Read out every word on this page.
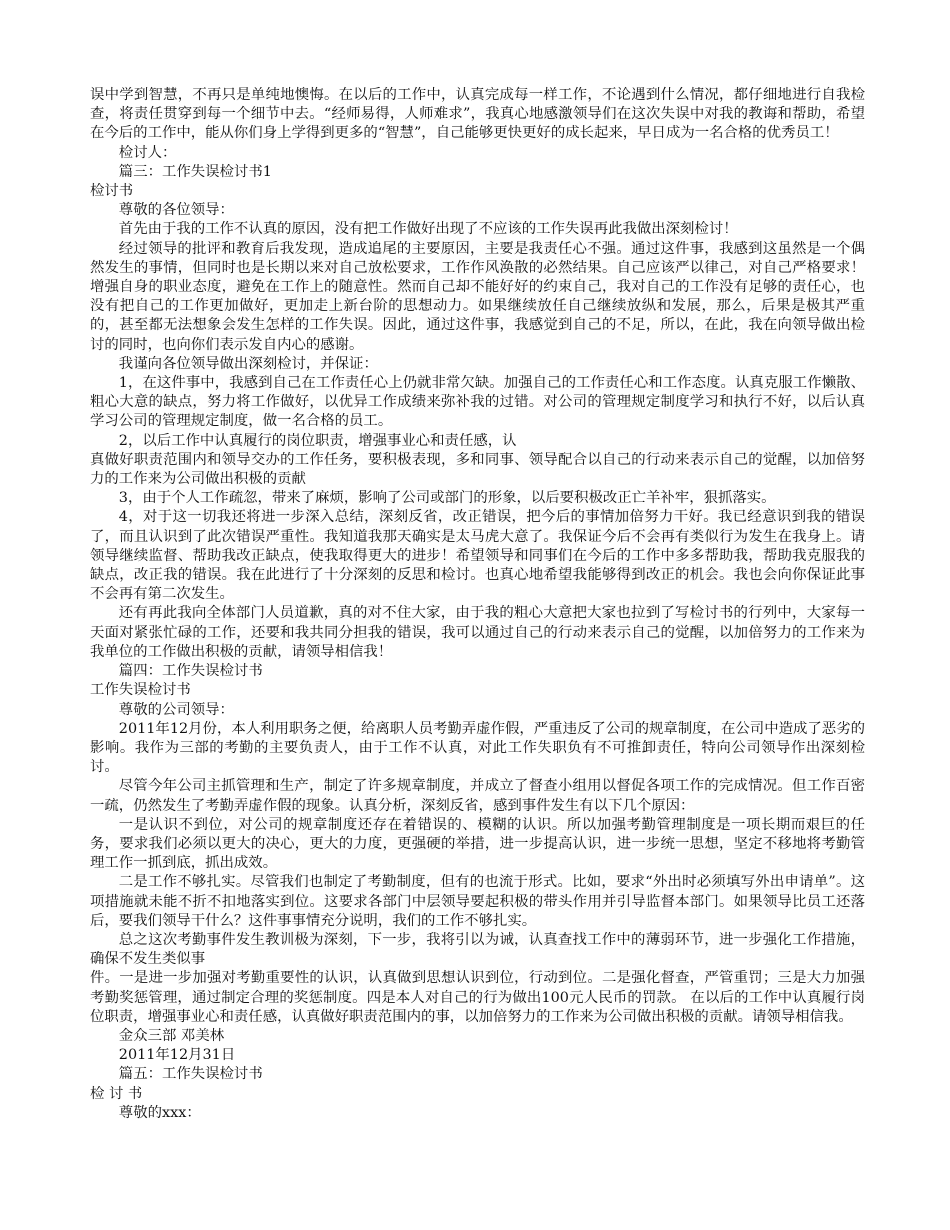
误中学到智慧，不再只是单纯地懊悔。在以后的工作中，认真完成每一样工作，不论遇到什么情况，都仔细地进行自我检查，将责任贯穿到每一个细节中去。“经师易得，人师难求”，我真心地感激领导们在这次失误中对我的教诲和帮助，希望在今后的工作中，能从你们身上学得到更多的“智慧”，自己能够更快更好的成长起来，早日成为一名合格的优秀员工！

检讨人：

篇三：工作失误检讨书1

检讨书

尊敬的各位领导：

首先由于我的工作不认真的原因，没有把工作做好出现了不应该的工作失误再此我做出深刻检讨！

经过领导的批评和教育后我发现，造成追尾的主要原因，主要是我责任心不强。通过这件事，我感到这虽然是一个偶然发生的事情，但同时也是长期以来对自己放松要求，工作作风涣散的必然结果。自己应该严以律己，对自己严格要求！增强自身的职业态度，避免在工作上的随意性。然而自己却不能好好的约束自己，我对自己的工作没有足够的责任心，也没有把自己的工作更加做好，更加走上新台阶的思想动力。如果继续放任自己继续放纵和发展，那么，后果是极其严重的，甚至都无法想象会发生怎样的工作失误。因此，通过这件事，我感觉到自己的不足，所以，在此，我在向领导做出检讨的同时，也向你们表示发自内心的感谢。

我谨向各位领导做出深刻检讨，并保证：

1，在这件事中，我感到自己在工作责任心上仍就非常欠缺。加强自己的工作责任心和工作态度。认真克服工作懒散、粗心大意的缺点，努力将工作做好，以优异工作成绩来弥补我的过错。对公司的管理规定制度学习和执行不好，以后认真学习公司的管理规定制度，做一名合格的员工。

2，以后工作中认真履行的岗位职责，增强事业心和责任感，认

真做好职责范围内和领导交办的工作任务，要积极表现，多和同事、领导配合以自己的行动来表示自己的觉醒，以加倍努力的工作来为公司做出积极的贡献

3，由于个人工作疏忽，带来了麻烦，影响了公司或部门的形象，以后要积极改正亡羊补牢，狠抓落实。

4，对于这一切我还将进一步深入总结，深刻反省，改正错误，把今后的事情加倍努力干好。我已经意识到我的错误了，而且认识到了此次错误严重性。我知道我那天确实是太马虎大意了。我保证今后不会再有类似行为发生在我身上。请领导继续监督、帮助我改正缺点，使我取得更大的进步！希望领导和同事们在今后的工作中多多帮助我，帮助我克服我的缺点，改正我的错误。我在此进行了十分深刻的反思和检讨。也真心地希望我能够得到改正的机会。我也会向你保证此事不会再有第二次发生。

还有再此我向全体部门人员道歉，真的对不住大家，由于我的粗心大意把大家也拉到了写检讨书的行列中，大家每一天面对紧张忙碌的工作，还要和我共同分担我的错误，我可以通过自己的行动来表示自己的觉醒，以加倍努力的工作来为我单位的工作做出积极的贡献，请领导相信我！

篇四：工作失误检讨书

工作失误检讨书

尊敬的公司领导：

2011年12月份，本人利用职务之便，给离职人员考勤弄虚作假，严重违反了公司的规章制度，在公司中造成了恶劣的影响。我作为三部的考勤的主要负责人，由于工作不认真，对此工作失职负有不可推卸责任，特向公司领导作出深刻检讨。

尽管今年公司主抓管理和生产，制定了许多规章制度，并成立了督查小组用以督促各项工作的完成情况。但工作百密一疏，仍然发生了考勤弄虚作假的现象。认真分析，深刻反省，感到事件发生有以下几个原因：

一是认识不到位，对公司的规章制度还存在着错误的、模糊的认识。所以加强考勤管理制度是一项长期而艰巨的任务，要求我们必须以更大的决心，更大的力度，更强硬的举措，进一步提高认识，进一步统一思想，坚定不移地将考勤管理工作一抓到底，抓出成效。

二是工作不够扎实。尽管我们也制定了考勤制度，但有的也流于形式。比如，要求“外出时必须填写外出申请单”。这项措施就未能不折不扣地落实到位。这要求各部门中层领导要起积极的带头作用并引导监督本部门。如果领导比员工还落后，要我们领导干什么？这件事事情充分说明，我们的工作不够扎实。

总之这次考勤事件发生教训极为深刻，下一步，我将引以为诫，认真查找工作中的薄弱环节，进一步强化工作措施，确保不发生类似事

件。一是进一步加强对考勤重要性的认识，认真做到思想认识到位，行动到位。二是强化督查，严管重罚；三是大力加强考勤奖惩管理，通过制定合理的奖惩制度。四是本人对自己的行为做出100元人民币的罚款。 在以后的工作中认真履行岗位职责，增强事业心和责任感，认真做好职责范围内的事，以加倍努力的工作来为公司做出积极的贡献。请领导相信我。

金众三部 邓美林

2011年12月31日

篇五：工作失误检讨书

检 讨 书

尊敬的xxx：
